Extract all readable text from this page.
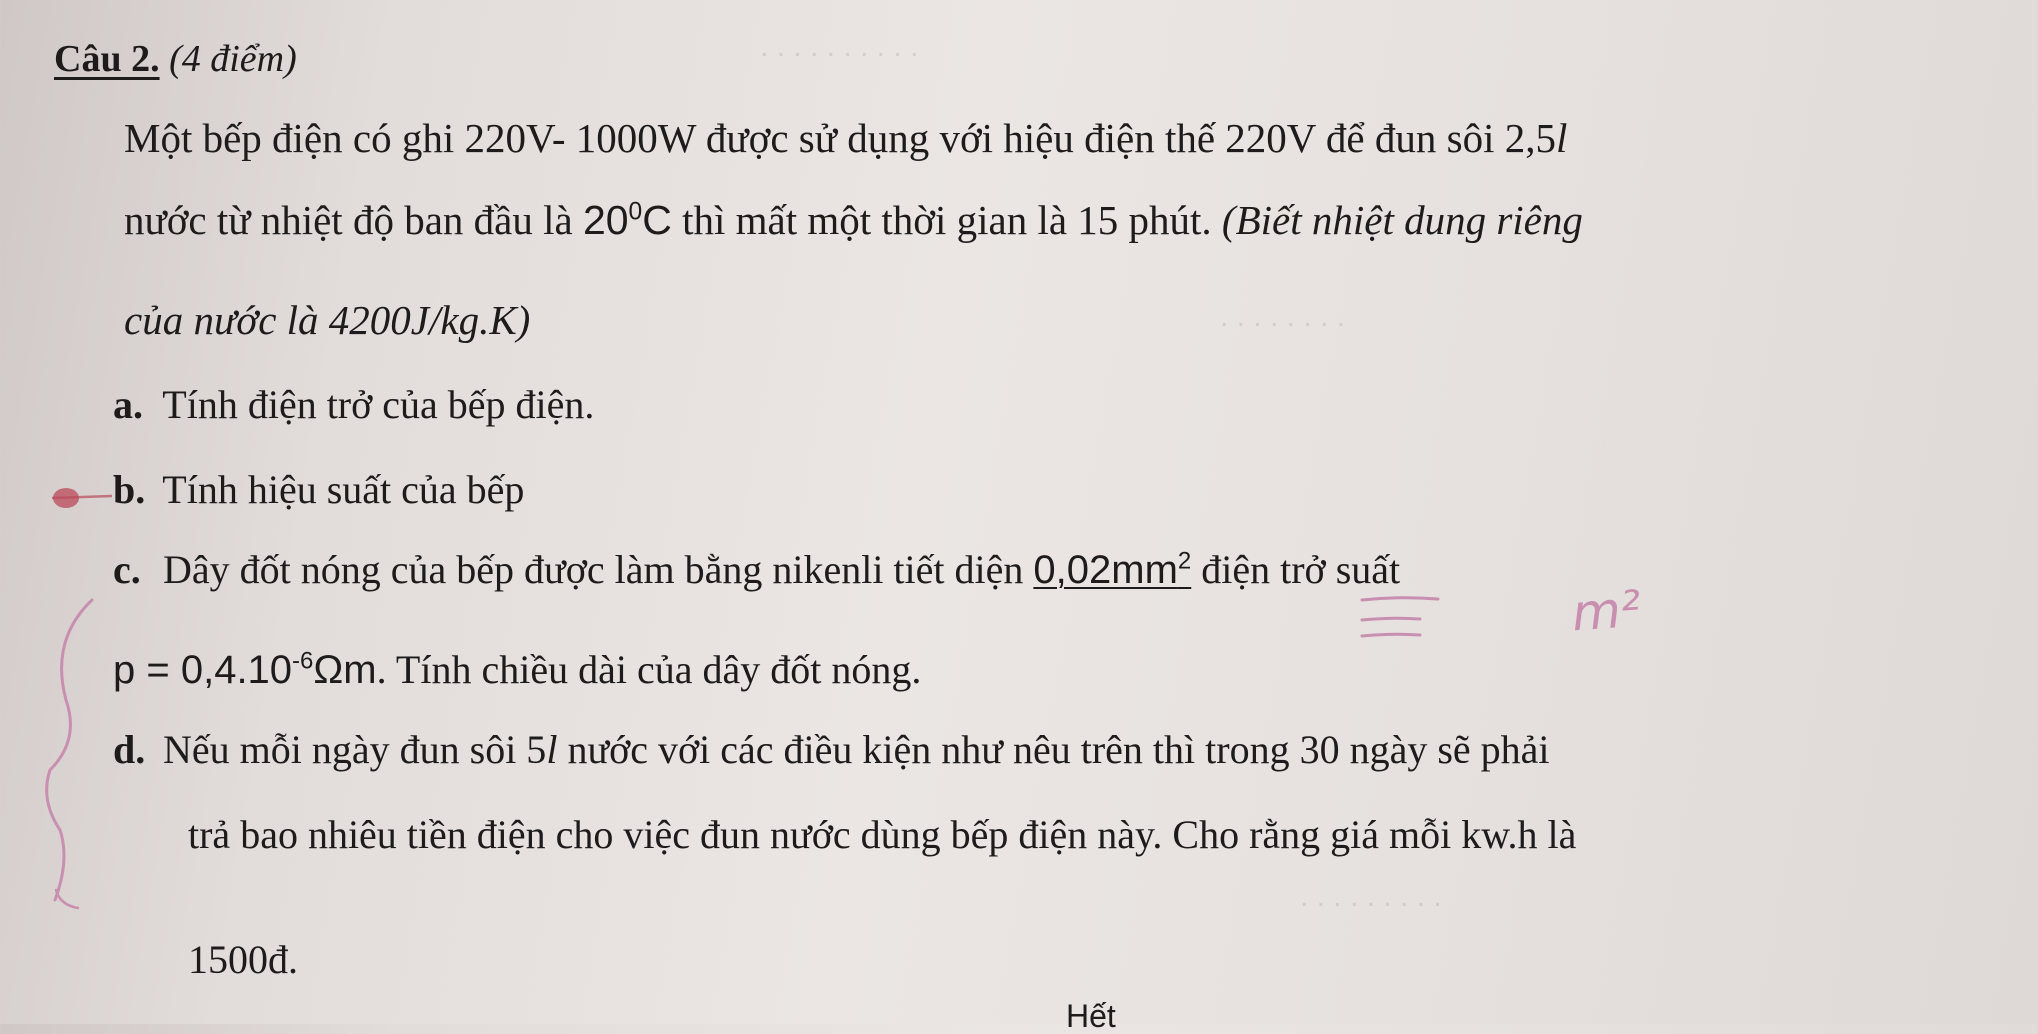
. . . . . . . . . .
. . . . . . . .
. . . . . . . . .
Câu 2. (4 điểm)
Một bếp điện có ghi 220V- 1000W được sử dụng với hiệu điện thế 220V để đun sôi 2,5l
nước từ nhiệt độ ban đầu là $20^0C$ thì mất một thời gian là 15 phút. (Biết nhiệt dung riêng
của nước là 4200J/kg.K)
a. Tính điện trở của bếp điện.
b. Tính hiệu suất của bếp
c. Dây đốt nóng của bếp được làm bằng nikenli tiết diện $0,02mm^2$ điện trở suất
$p = 0,4.10^{-6}\Omega m$. Tính chiều dài của dây đốt nóng.
d. Nếu mỗi ngày đun sôi 5l nước với các điều kiện như nêu trên thì trong 30 ngày sẽ phải
trả bao nhiêu tiền điện cho việc đun nước dùng bếp điện này. Cho rằng giá mỗi kw.h là
1500đ.
Hết
m²
